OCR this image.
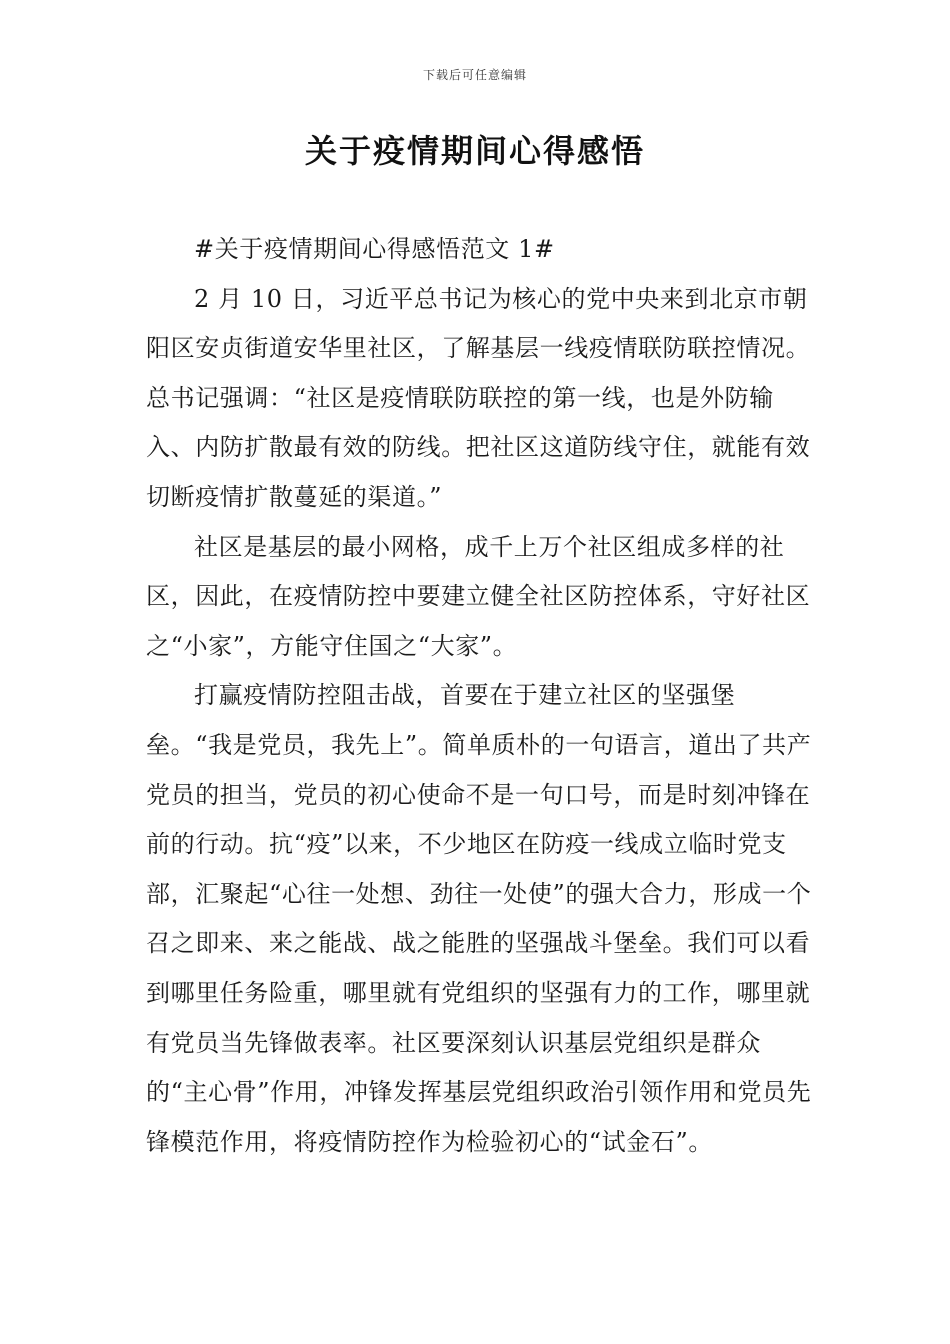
下载后可任意编辑
关于疫情期间心得感悟

#关于疫情期间心得感悟范文 1#

2 月 10 日，习近平总书记为核心的党中央来到北京市朝阳区安贞街道安华里社区，了解基层一线疫情联防联控情况。总书记强调：“社区是疫情联防联控的第一线，也是外防输入、内防扩散最有效的防线。把社区这道防线守住，就能有效切断疫情扩散蔓延的渠道。”

社区是基层的最小网格，成千上万个社区组成多样的社区，因此，在疫情防控中要建立健全社区防控体系，守好社区之“小家”，方能守住国之“大家”。

打赢疫情防控阻击战，首要在于建立社区的坚强堡垒。“我是党员，我先上”。简单质朴的一句语言，道出了共产党员的担当，党员的初心使命不是一句口号，而是时刻冲锋在前的行动。抗“疫”以来，不少地区在防疫一线成立临时党支部，汇聚起“心往一处想、劲往一处使”的强大合力，形成一个召之即来、来之能战、战之能胜的坚强战斗堡垒。我们可以看到哪里任务险重，哪里就有党组织的坚强有力的工作，哪里就有党员当先锋做表率。社区要深刻认识基层党组织是群众的“主心骨”作用，冲锋发挥基层党组织政治引领作用和党员先锋模范作用，将疫情防控作为检验初心的“试金石”。
